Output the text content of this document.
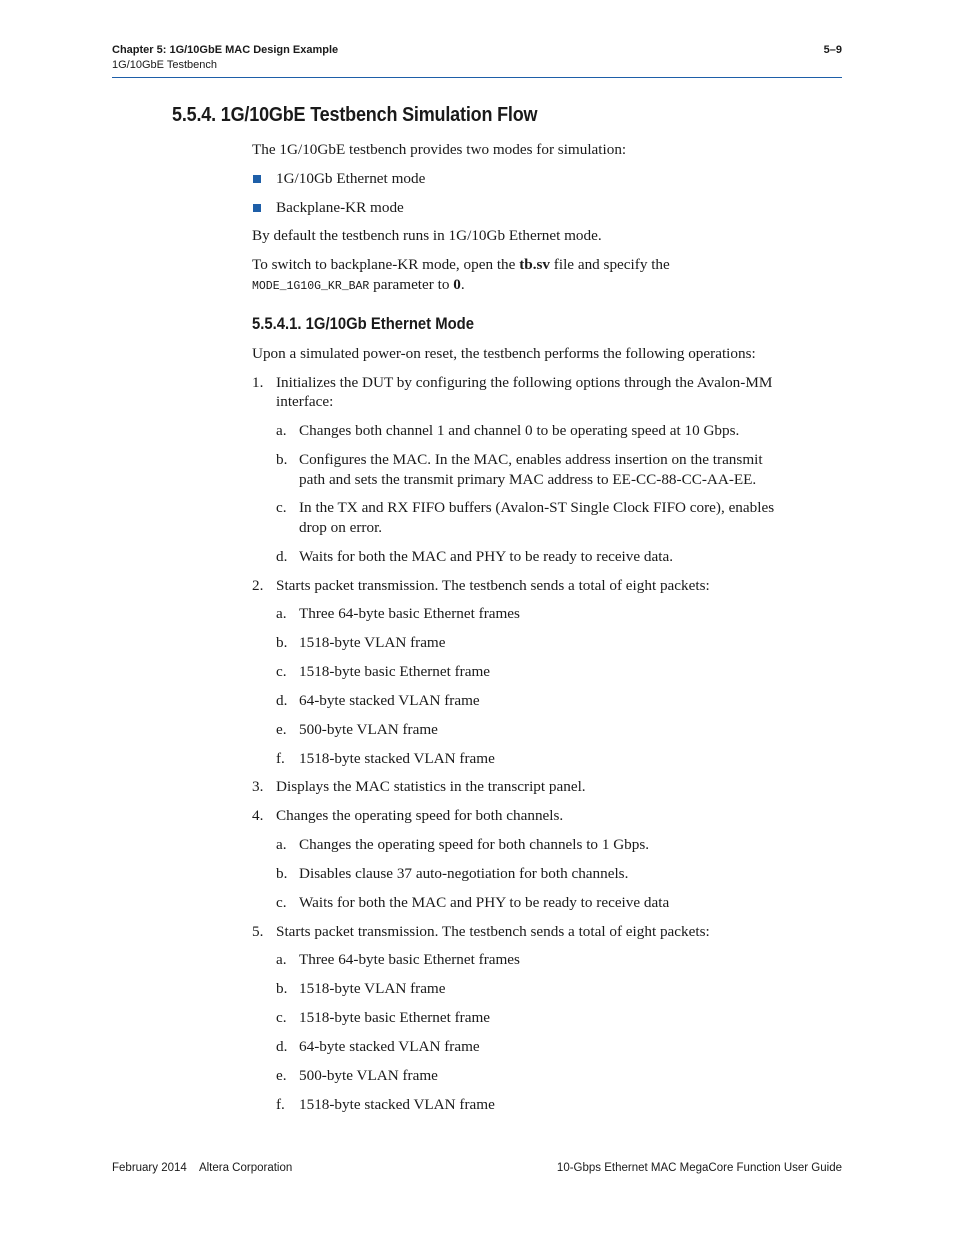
Chapter 5: 1G/10GbE MAC Design Example
1G/10GbE Testbench
5–9
5.5.4. 1G/10GbE Testbench Simulation Flow
The 1G/10GbE testbench provides two modes for simulation:
1G/10Gb Ethernet mode
Backplane-KR mode
By default the testbench runs in 1G/10Gb Ethernet mode.
To switch to backplane-KR mode, open the tb.sv file and specify the
MODE_1G10G_KR_BAR parameter to 0.
5.5.4.1. 1G/10Gb Ethernet Mode
Upon a simulated power-on reset, the testbench performs the following operations:
1. Initializes the DUT by configuring the following options through the Avalon-MM
interface:
a. Changes both channel 1 and channel 0 to be operating speed at 10 Gbps.
b. Configures the MAC. In the MAC, enables address insertion on the transmit
path and sets the transmit primary MAC address to EE-CC-88-CC-AA-EE.
c. In the TX and RX FIFO buffers (Avalon-ST Single Clock FIFO core), enables
drop on error.
d. Waits for both the MAC and PHY to be ready to receive data.
2. Starts packet transmission. The testbench sends a total of eight packets:
a. Three 64-byte basic Ethernet frames
b. 1518-byte VLAN frame
c. 1518-byte basic Ethernet frame
d. 64-byte stacked VLAN frame
e. 500-byte VLAN frame
f. 1518-byte stacked VLAN frame
3. Displays the MAC statistics in the transcript panel.
4. Changes the operating speed for both channels.
a. Changes the operating speed for both channels to 1 Gbps.
b. Disables clause 37 auto-negotiation for both channels.
c. Waits for both the MAC and PHY to be ready to receive data
5. Starts packet transmission. The testbench sends a total of eight packets:
a. Three 64-byte basic Ethernet frames
b. 1518-byte VLAN frame
c. 1518-byte basic Ethernet frame
d. 64-byte stacked VLAN frame
e. 500-byte VLAN frame
f. 1518-byte stacked VLAN frame
February 2014    Altera Corporation	10-Gbps Ethernet MAC MegaCore Function User Guide
